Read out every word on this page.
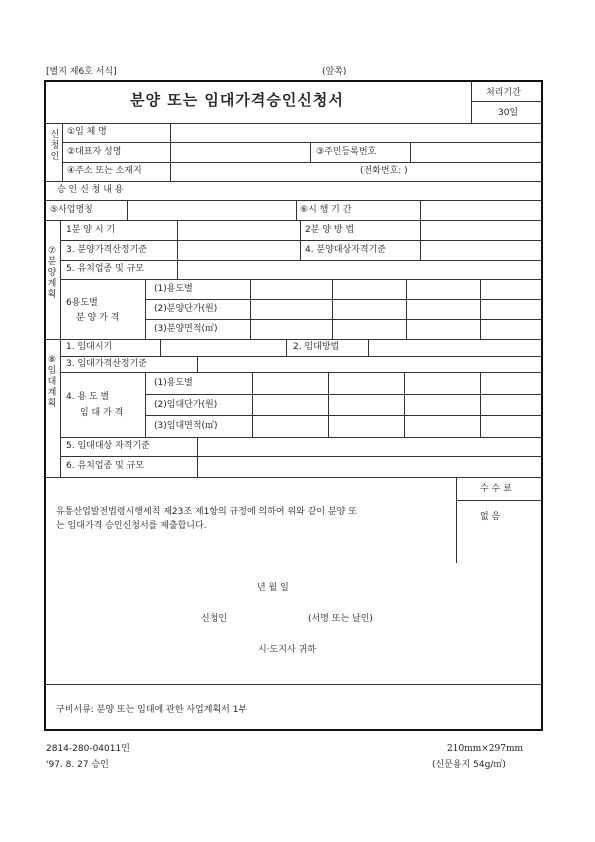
[별지 제6호 서식]	(앞쪽)
분양 또는 임대가격승인신청서	처리기간
30일
신청인
①임 체 명
②대표자 성명	③주민등록번호
④주소 또는 소재지	(전화번호: )
승 인 신 청 내 용
⑤사업명칭	⑥시 행 기 간
⑦분양계획
1분 양 시 기	2분 양 방 법
3. 분양가격산정기준	4. 분양대상자격기준
5. 유치업종 및 규모
6용도별
분 양 가 격
(1)용도별
(2)분양단가(원)
(3)분양면적(㎡)
⑧임대계획
1. 임대시기	2. 임대방법
3. 임대가격산정기준
4. 용 도 별
임 대 가 격
(1)용도별
(2)임대단가(원)
(3)임대면적(㎡)
5. 임대대상 자격기준
6. 유치업종 및 규모
수 수 료
없 음
유통산업발전법령시행세칙 제23조 제1항의 규정에 의하여 위와 같이 분양 또
는 임대가격 승인신청서를 제출합니다.
년 월 일
신청인	(서명 또는 날인)
시·도지사 귀하
구비서류: 분양 또는 임대에 관한 사업계획서 1부
2814-280-04011민
'97. 8. 27 승인
210mm×297mm
(신문용지 54g/㎡)
